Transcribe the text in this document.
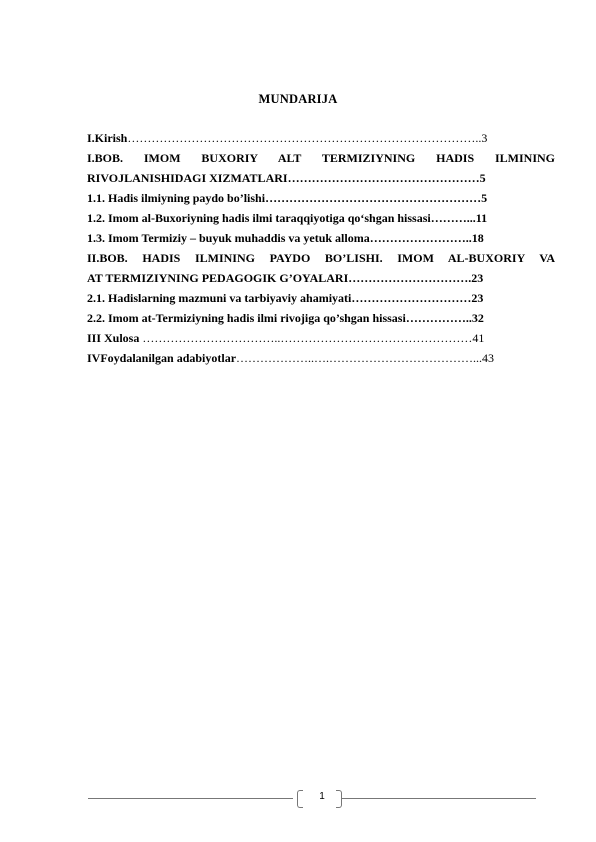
MUNDARIJA
I.Kirish……………………………………………………………………………..3
I.BOB. IMOM BUXORIY ALT TERMIZIYNING HADIS ILMINING
RIVOJLANISHIDAGI XIZMATLARI…………………………………………5
1.1. Hadis ilmiyning paydo bo’lishi………………………………………………5
1.2. Imom al-Buxoriyning hadis ilmi taraqqiyotiga qo‘shgan hissasi………...11
1.3. Imom Termiziy – buyuk muhaddis va yetuk alloma……………………..18
II.BOB. HADIS ILMINING PAYDO BO’LISHI. IMOM AL-BUXORIY VA
AT TERMIZIYNING PEDAGOGIK G’OYALARI………………………….23
2.1. Hadislarning mazmuni va tarbiyaviy ahamiyati…………………………23
2.2. Imom at-Termiziyning hadis ilmi rivojiga qo’shgan hissasi……………..32
III Xulosa ……………………………..…………………………………………41
IVFoydalanilgan adabiyotlar………………..….………………………………...43
1
